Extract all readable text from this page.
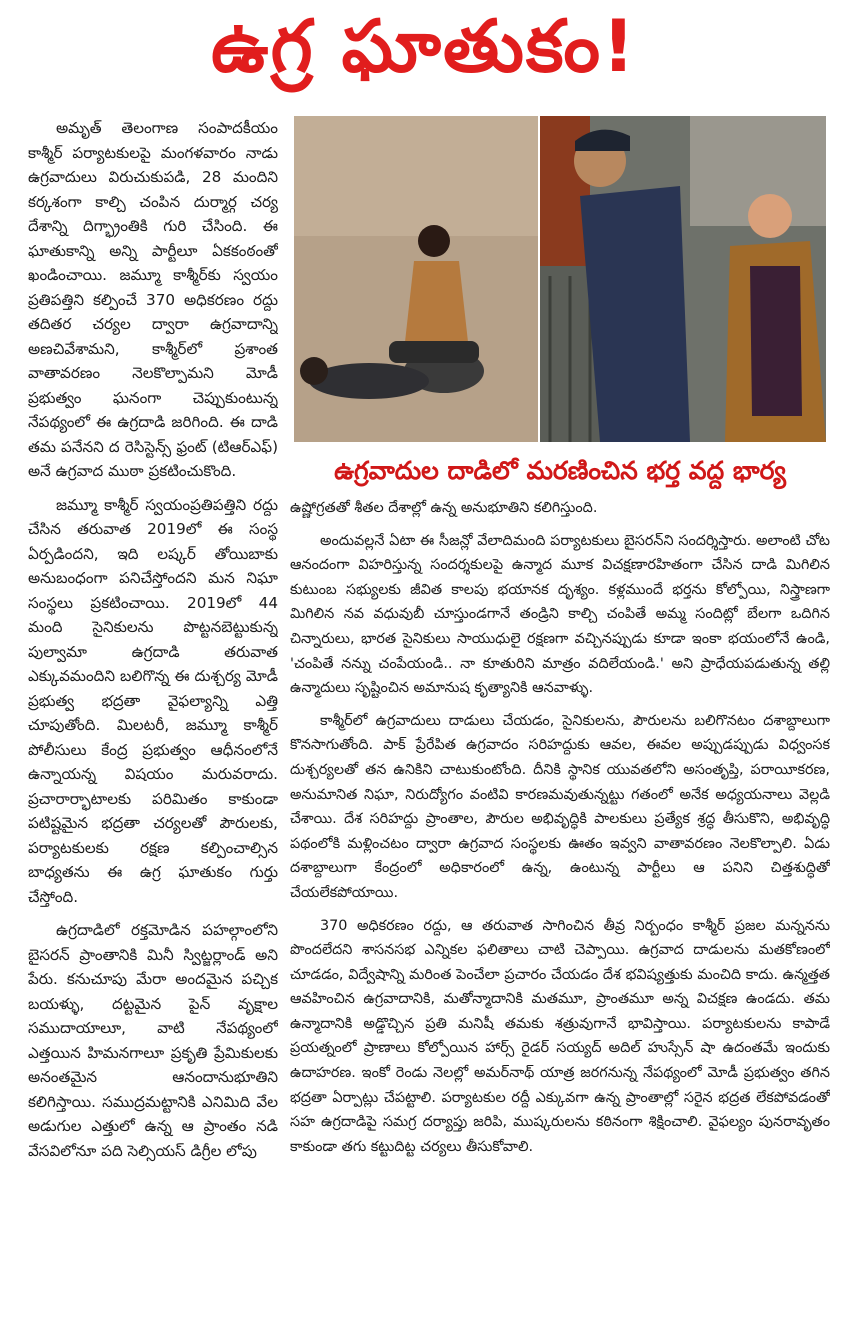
ఉగ్ర ఘాతుకం!

అమృత్ తెలంగాణ సంపాదకీయం కాశ్మీర్ పర్యాటకులపై మంగళవారం నాడు ఉగ్రవాదులు విరుచుకుపడి, 28 మందిని కర్కశంగా కాల్చి చంపిన దుర్మార్గ చర్య దేశాన్ని దిగ్భ్రాంతికి గురి చేసింది. ఈ ఘాతుకాన్ని అన్ని పార్టీలూ ఏకకంఠంతో ఖండించాయి. జమ్మూ కాశ్మీర్‌కు స్వయం ప్రతిపత్తిని కల్పించే 370 అధికరణం రద్దు తదితర చర్యల ద్వారా ఉగ్రవాదాన్ని అణచివేశామని, కాశ్మీర్‌లో ప్రశాంత వాతావరణం నెలకొల్పామని మోడీ ప్రభుత్వం ఘనంగా చెప్పుకుంటున్న నేపథ్యంలో ఈ ఉగ్రదాడి జరిగింది. ఈ దాడి తమ పనేనని ద రెసిస్టెన్స్ ఫ్రంట్ (టిఆర్‌ఎఫ్) అనే ఉగ్రవాద ముఠా ప్రకటించుకొంది.

జమ్మూ కాశ్మీర్ స్వయంప్రతిపత్తిని రద్దు చేసిన తరువాత 2019లో ఈ సంస్థ ఏర్పడిందని, ఇది లష్కర్ తోయిబాకు అనుబంధంగా పనిచేస్తోందని మన నిఘా సంస్థలు ప్రకటించాయి. 2019లో 44 మంది సైనికులను పొట్టనబెట్టుకున్న పుల్వామా ఉగ్రదాడి తరువాత ఎక్కువమందిని బలిగొన్న ఈ దుశ్చర్య మోడీ ప్రభుత్వ భద్రతా వైఫల్యాన్ని ఎత్తి చూపుతోంది. మిలటరీ, జమ్మూ కాశ్మీర్ పోలీసులు కేంద్ర ప్రభుత్వం ఆధీనంలోనే ఉన్నాయన్న విషయం మరువరాదు. ప్రచారార్భాటాలకు పరిమితం కాకుండా పటిష్టమైన భద్రతా చర్యలతో పౌరులకు, పర్యాటకులకు రక్షణ కల్పించాల్సిన బాధ్యతను ఈ ఉగ్ర ఘాతుకం గుర్తు చేస్తోంది.

ఉగ్రదాడిలో రక్తమోడిన పహల్గాంలోని బైసరన్ ప్రాంతానికి మినీ స్విట్జర్లాండ్ అని పేరు. కనుచూపు మేరా అందమైన పచ్చిక బయళ్ళు, దట్టమైన పైన్ వృక్షాల సముదాయాలూ, వాటి నేపథ్యంలో ఎత్తయిన హిమనగాలూ ప్రకృతి ప్రేమికులకు అనంతమైన ఆనందానుభూతిని కలిగిస్తాయి. సముద్రమట్టానికి ఎనిమిది వేల అడుగుల ఎత్తులో ఉన్న ఆ ప్రాంతం నడి వేసవిలోనూ పది సెల్సియస్ డిగ్రీల లోపు

ఉగ్రవాదుల దాడిలో మరణించిన భర్త వద్ద భార్య

ఉష్ణోగ్రతతో శీతల దేశాల్లో ఉన్న అనుభూతిని కలిగిస్తుంది.

అందువల్లనే ఏటా ఈ సీజన్లో వేలాదిమంది పర్యాటకులు బైసరన్‌ని సందర్శిస్తారు. అలాంటి చోట ఆనందంగా విహరిస్తున్న సందర్శకులపై ఉన్మాద మూక విచక్షణారహితంగా చేసిన దాడి మిగిలిన కుటుంబ సభ్యులకు జీవిత కాలపు భయానక దృశ్యం. కళ్లముందే భర్తను కోల్పోయి, నిస్త్రాణగా మిగిలిన నవ వధువుబీ చూస్తుండగానే తండ్రిని కాల్చి చంపితే అమ్మ సందిట్లో బేలగా ఒదిగిన చిన్నారులు, భారత సైనికులు సాయుధులై రక్షణగా వచ్చినప్పుడు కూడా ఇంకా భయంలోనే ఉండి, 'చంపితే నన్ను చంపేయండి.. నా కూతురిని మాత్రం వదిలేయండి.' అని ప్రాధేయపడుతున్న తల్లి ఉన్మాదులు సృష్టించిన అమానుష కృత్యానికి ఆనవాళ్ళు.

కాశ్మీర్‌లో ఉగ్రవాదులు దాడులు చేయడం, సైనికులను, పౌరులను బలిగొనటం దశాబ్దాలుగా కొనసాగుతోంది. పాక్ ప్రేరేపిత ఉగ్రవాదం సరిహద్దుకు ఆవల, ఈవల అప్పుడప్పుడు విధ్వంసక దుశ్చర్యలతో తన ఉనికిని చాటుకుంటోంది. దీనికి స్థానిక యువతలోని అసంతృప్తి, పరాయీకరణ, అనుమానిత నిఘా, నిరుద్యోగం వంటివి కారణమవుతున్నట్టు గతంలో అనేక అధ్యయనాలు వెల్లడి చేశాయి. దేశ సరిహద్దు ప్రాంతాల, పౌరుల అభివృద్ధికి పాలకులు ప్రత్యేక శ్రద్ధ తీసుకొని, అభివృద్ధి పథంలోకి మళ్లించటం ద్వారా ఉగ్రవాద సంస్థలకు ఊతం ఇవ్వని వాతావరణం నెలకొల్పాలి. ఏడు దశాబ్దాలుగా కేంద్రంలో అధికారంలో ఉన్న, ఉంటున్న పార్టీలు ఆ పనిని చిత్తశుద్ధితో చేయలేకపోయాయి.

370 అధికరణం రద్దు, ఆ తరువాత సాగించిన తీవ్ర నిర్బంధం కాశ్మీర్ ప్రజల మన్ననను పొందలేదని శాసనసభ ఎన్నికల ఫలితాలు చాటి చెప్పాయి. ఉగ్రవాద దాడులను మతకోణంలో చూడడం, విద్వేషాన్ని మరింత పెంచేలా ప్రచారం చేయడం దేశ భవిష్యత్తుకు మంచిది కాదు. ఉన్మత్తత ఆవహించిన ఉగ్రవాదానికి, మతోన్మాదానికి మతమూ, ప్రాంతమూ అన్న విచక్షణ ఉండదు. తమ ఉన్మాదానికి అడ్డొచ్చిన ప్రతి మనిషీ తమకు శత్రువుగానే భావిస్తాయి. పర్యాటకులను కాపాడే ప్రయత్నంలో ప్రాణాలు కోల్పోయిన హార్స్ రైడర్ సయ్యద్ అదిల్ హుస్సేన్ షా ఉదంతమే ఇందుకు ఉదాహరణ. ఇంకో రెండు నెలల్లో అమర్‌నాథ్ యాత్ర జరగనున్న నేపథ్యంలో మోడీ ప్రభుత్వం తగిన భద్రతా ఏర్పాట్లు చేపట్టాలి. పర్యాటకుల రద్దీ ఎక్కువగా ఉన్న ప్రాంతాల్లో సరైన భద్రత లేకపోవడంతో సహ ఉగ్రదాడిపై సమగ్ర దర్యాప్తు జరిపి, ముష్కరులను కఠినంగా శిక్షించాలి. వైఫల్యం పునరావృతం కాకుండా తగు కట్టుదిట్ట చర్యలు తీసుకోవాలి.
